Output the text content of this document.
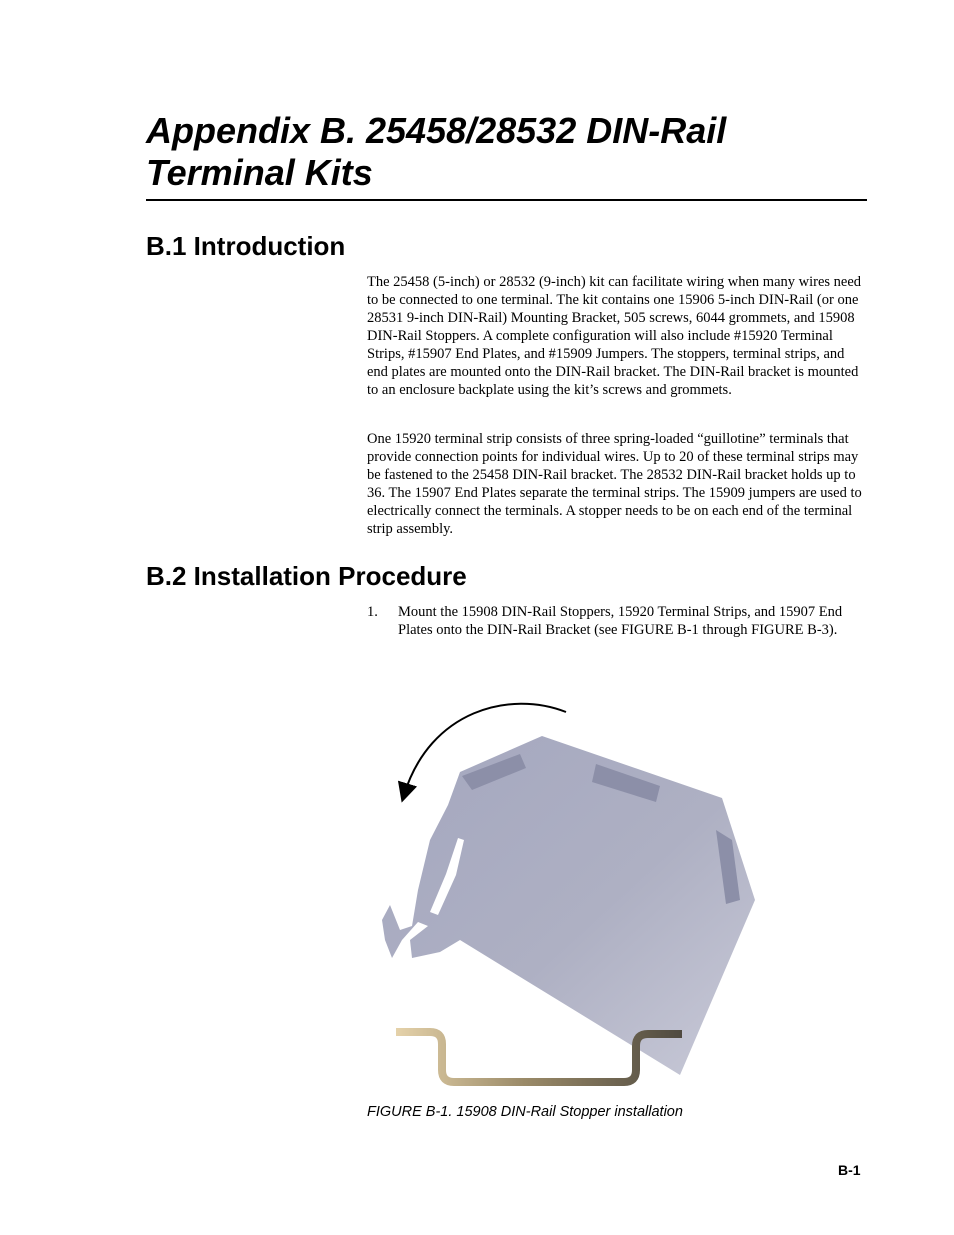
Appendix B. 25458/28532 DIN-Rail Terminal Kits
B.1 Introduction

The 25458 (5-inch) or 28532 (9-inch) kit can facilitate wiring when many wires need to be connected to one terminal. The kit contains one 15906 5-inch DIN-Rail (or one 28531 9-inch DIN-Rail) Mounting Bracket, 505 screws, 6044 grommets, and 15908 DIN-Rail Stoppers. A complete configuration will also include #15920 Terminal Strips, #15907 End Plates, and #15909 Jumpers. The stoppers, terminal strips, and end plates are mounted onto the DIN-Rail bracket. The DIN-Rail bracket is mounted to an enclosure backplate using the kit’s screws and grommets.

One 15920 terminal strip consists of three spring-loaded “guillotine” terminals that provide connection points for individual wires. Up to 20 of these terminal strips may be fastened to the 25458 DIN-Rail bracket. The 28532 DIN-Rail bracket holds up to 36. The 15907 End Plates separate the terminal strips. The 15909 jumpers are used to electrically connect the terminals. A stopper needs to be on each end of the terminal strip assembly.

B.2 Installation Procedure
1. Mount the 15908 DIN-Rail Stoppers, 15920 Terminal Strips, and 15907 End Plates onto the DIN-Rail Bracket (see FIGURE B-1 through FIGURE B-3).

FIGURE B-1. 15908 DIN-Rail Stopper installation

B-1
